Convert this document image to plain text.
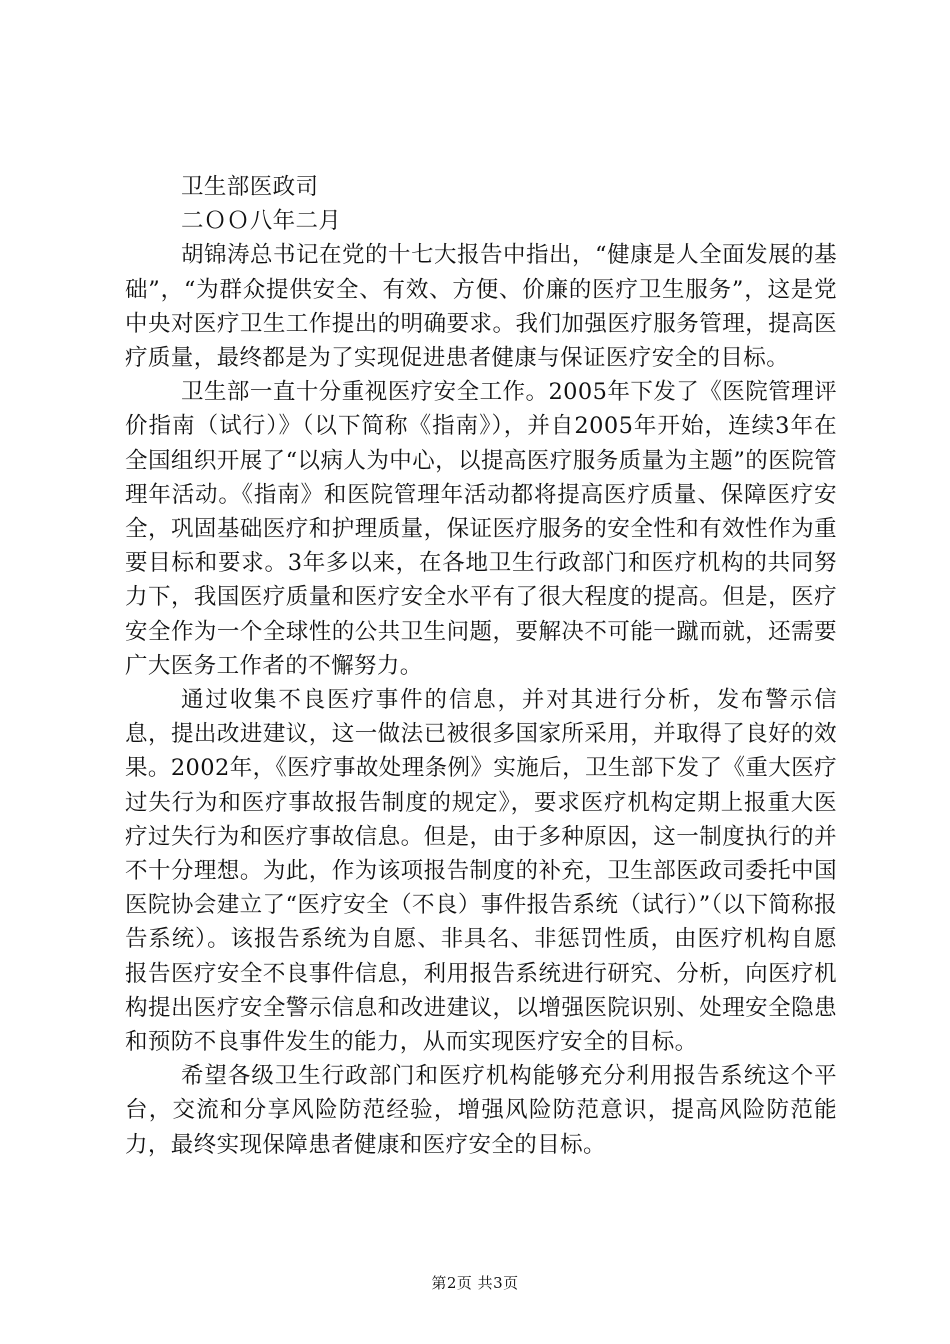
卫生部医政司

二ＯＯ八年二月

胡锦涛总书记在党的十七大报告中指出，“健康是人全面发展的基础”，“为群众提供安全、有效、方便、价廉的医疗卫生服务”，这是党中央对医疗卫生工作提出的明确要求。我们加强医疗服务管理，提高医疗质量，最终都是为了实现促进患者健康与保证医疗安全的目标。

卫生部一直十分重视医疗安全工作。2005年下发了《医院管理评价指南（试行）》（以下简称《指南》），并自2005年开始，连续3年在全国组织开展了“以病人为中心，以提高医疗服务质量为主题”的医院管理年活动。《指南》和医院管理年活动都将提高医疗质量、保障医疗安全，巩固基础医疗和护理质量，保证医疗服务的安全性和有效性作为重要目标和要求。3年多以来，在各地卫生行政部门和医疗机构的共同努力下，我国医疗质量和医疗安全水平有了很大程度的提高。但是，医疗安全作为一个全球性的公共卫生问题，要解决不可能一蹴而就，还需要广大医务工作者的不懈努力。

通过收集不良医疗事件的信息，并对其进行分析，发布警示信息，提出改进建议，这一做法已被很多国家所采用，并取得了良好的效果。2002年，《医疗事故处理条例》实施后，卫生部下发了《重大医疗过失行为和医疗事故报告制度的规定》，要求医疗机构定期上报重大医疗过失行为和医疗事故信息。但是，由于多种原因，这一制度执行的并不十分理想。为此，作为该项报告制度的补充，卫生部医政司委托中国医院协会建立了“医疗安全（不良）事件报告系统（试行）”（以下简称报告系统）。该报告系统为自愿、非具名、非惩罚性质，由医疗机构自愿报告医疗安全不良事件信息，利用报告系统进行研究、分析，向医疗机构提出医疗安全警示信息和改进建议，以增强医院识别、处理安全隐患和预防不良事件发生的能力，从而实现医疗安全的目标。

希望各级卫生行政部门和医疗机构能够充分利用报告系统这个平台，交流和分享风险防范经验，增强风险防范意识，提高风险防范能力，最终实现保障患者健康和医疗安全的目标。

第2页 共3页
